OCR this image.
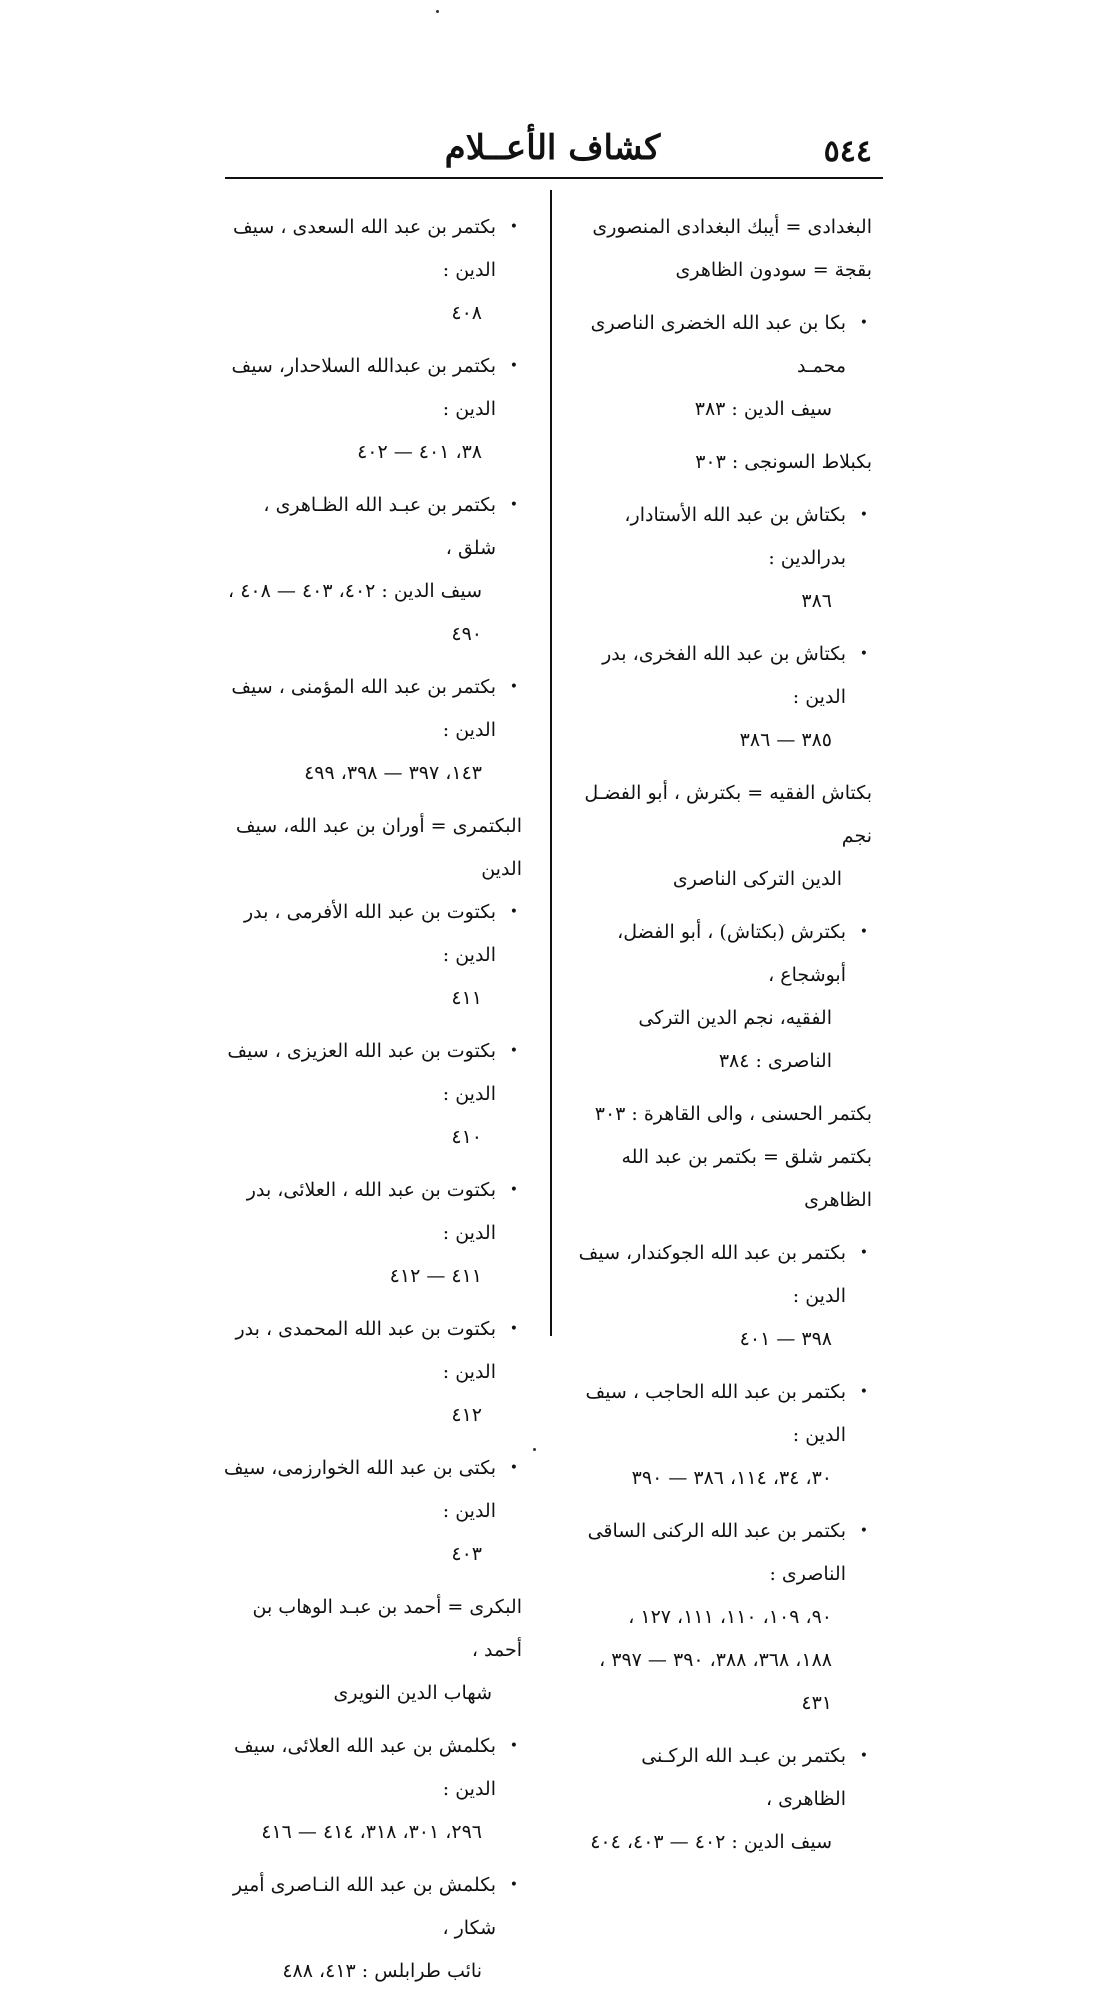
٥٤٤
كشاف الأعــلام
البغدادى = أيبك البغدادى المنصورى
بقجة = سودون الظاهرى
•
بكا بن عبد الله الخضرى الناصرى محمـد
سيف الدين : ٣٨٣
بكبلاط السونجى : ٣٠٣
•
بكتاش بن عبد الله الأستادار، بدرالدين :
٣٨٦
•
بكتاش بن عبد الله الفخرى، بدر الدين :
٣٨٥ — ٣٨٦
بكتاش الفقيه = بكترش ، أبو الفضـل نجم
الدين التركى الناصرى
•
بكترش (بكتاش) ، أبو الفضل، أبوشجاع ،
الفقيه، نجم الدين التركى الناصرى : ٣٨٤
بكتمر الحسنى ، والى القاهرة : ٣٠٣
بكتمر شلق = بكتمر بن عبد الله الظاهرى
•
بكتمر بن عبد الله الجوكندار، سيف الدين :
٣٩٨ — ٤٠١
•
بكتمر بن عبد الله الحاجب ، سيف الدين :
٣٠، ٣٤، ١١٤، ٣٨٦ — ٣٩٠
•
بكتمر بن عبد الله الركنى الساقى الناصرى :
٩٠، ١٠٩، ١١٠، ١١١، ١٢٧ ،
١٨٨، ٣٦٨، ٣٨٨، ٣٩٠ — ٣٩٧ ،
٤٣١
•
بكتمر بن عبـد الله الركـنى الظاهرى ،
سيف الدين : ٤٠٢ — ٤٠٣، ٤٠٤
•
بكتمر بن عبد الله السعدى ، سيف الدين :
٤٠٨
•
بكتمر بن عبدالله السلاحدار، سيف الدين :
٣٨، ٤٠١ — ٤٠٢
•
بكتمر بن عبـد الله الظـاهرى ، شلق ،
سيف الدين : ٤٠٢، ٤٠٣ — ٤٠٨ ،
٤٩٠
•
بكتمر بن عبد الله المؤمنى ، سيف الدين :
١٤٣، ٣٩٧ — ٣٩٨، ٤٩٩
البكتمرى = أوران بن عبد الله، سيف الدين
•
بكتوت بن عبد الله الأفرمى ، بدر الدين :
٤١١
•
بكتوت بن عبد الله العزيزى ، سيف الدين :
٤١٠
•
بكتوت بن عبد الله ، العلائى، بدر الدين :
٤١١ — ٤١٢
•
بكتوت بن عبد الله المحمدى ، بدر الدين :
٤١٢
•
بكتى بن عبد الله الخوارزمى، سيف الدين :
٤٠٣
البكرى = أحمد بن عبـد الوهاب بن أحمد ،
شهاب الدين النويرى
•
بكلمش بن عبد الله العلائى، سيف الدين :
٢٩٦، ٣٠١، ٣١٨، ٤١٤ — ٤١٦
•
بكلمش بن عبد الله النـاصرى أمير شكار ،
نائب طرابلس : ٤١٣، ٤٨٨
